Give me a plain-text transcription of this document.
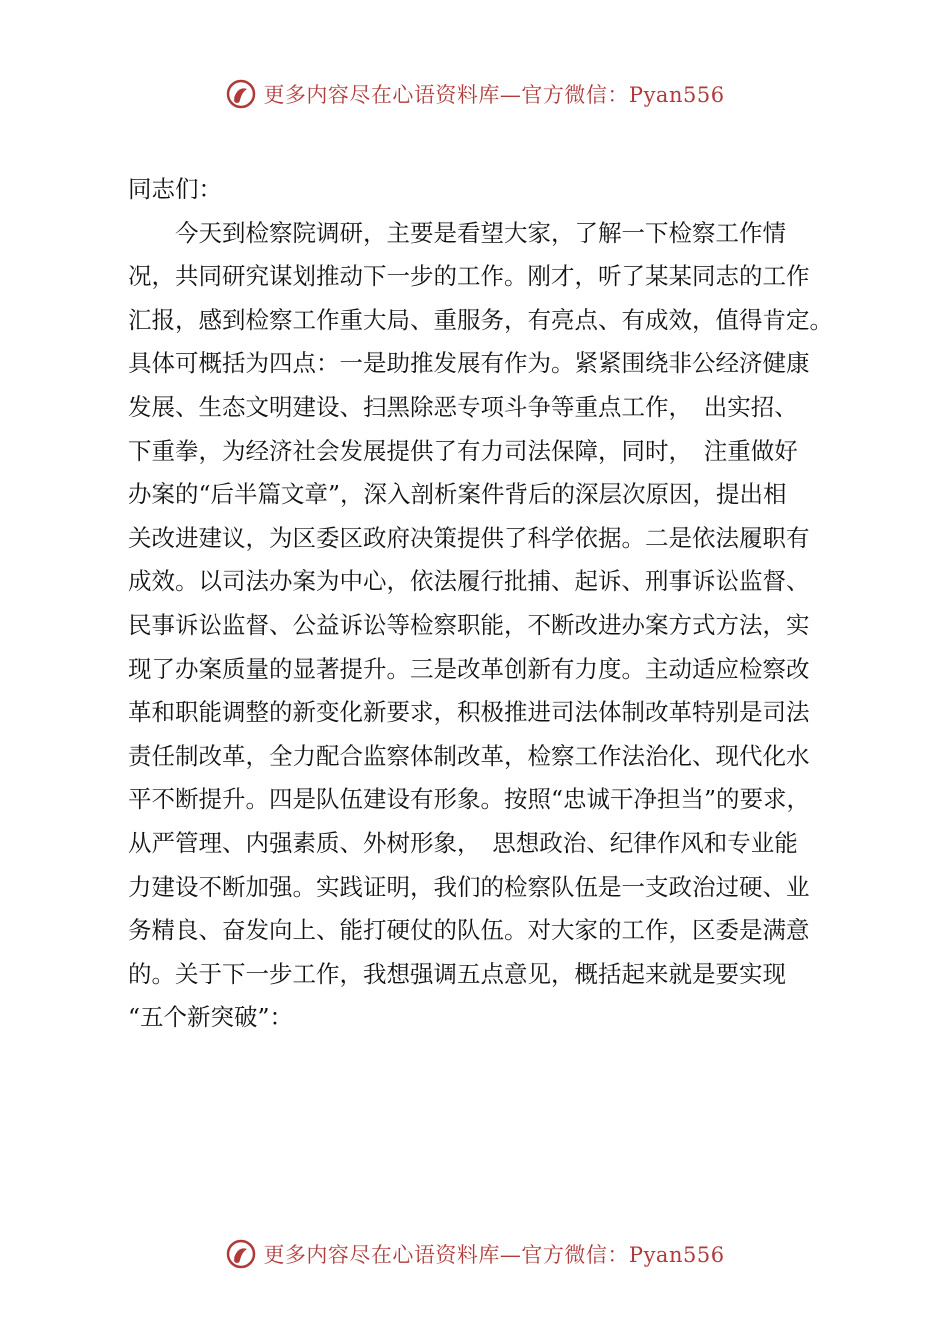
更多内容尽在心语资料库—官方微信：Pyan556
同志们：
　　今天到检察院调研，主要是看望大家，了解一下检察工作情
况，共同研究谋划推动下一步的工作。刚才，听了某某同志的工作
汇报，感到检察工作重大局、重服务，有亮点、有成效，值得肯定。
具体可概括为四点：一是助推发展有作为。紧紧围绕非公经济健康
发展、生态文明建设、扫黑除恶专项斗争等重点工作，　出实招、
下重拳，为经济社会发展提供了有力司法保障，同时，　注重做好
办案的“后半篇文章”，深入剖析案件背后的深层次原因，提出相
关改进建议，为区委区政府决策提供了科学依据。二是依法履职有
成效。以司法办案为中心，依法履行批捕、起诉、刑事诉讼监督、
民事诉讼监督、公益诉讼等检察职能，不断改进办案方式方法，实
现了办案质量的显著提升。三是改革创新有力度。主动适应检察改
革和职能调整的新变化新要求，积极推进司法体制改革特别是司法
责任制改革，全力配合监察体制改革，检察工作法治化、现代化水
平不断提升。四是队伍建设有形象。按照“忠诚干净担当”的要求，
从严管理、内强素质、外树形象，　思想政治、纪律作风和专业能
力建设不断加强。实践证明，我们的检察队伍是一支政治过硬、业
务精良、奋发向上、能打硬仗的队伍。对大家的工作，区委是满意
的。关于下一步工作，我想强调五点意见，概括起来就是要实现
“五个新突破”：
更多内容尽在心语资料库—官方微信：Pyan556
